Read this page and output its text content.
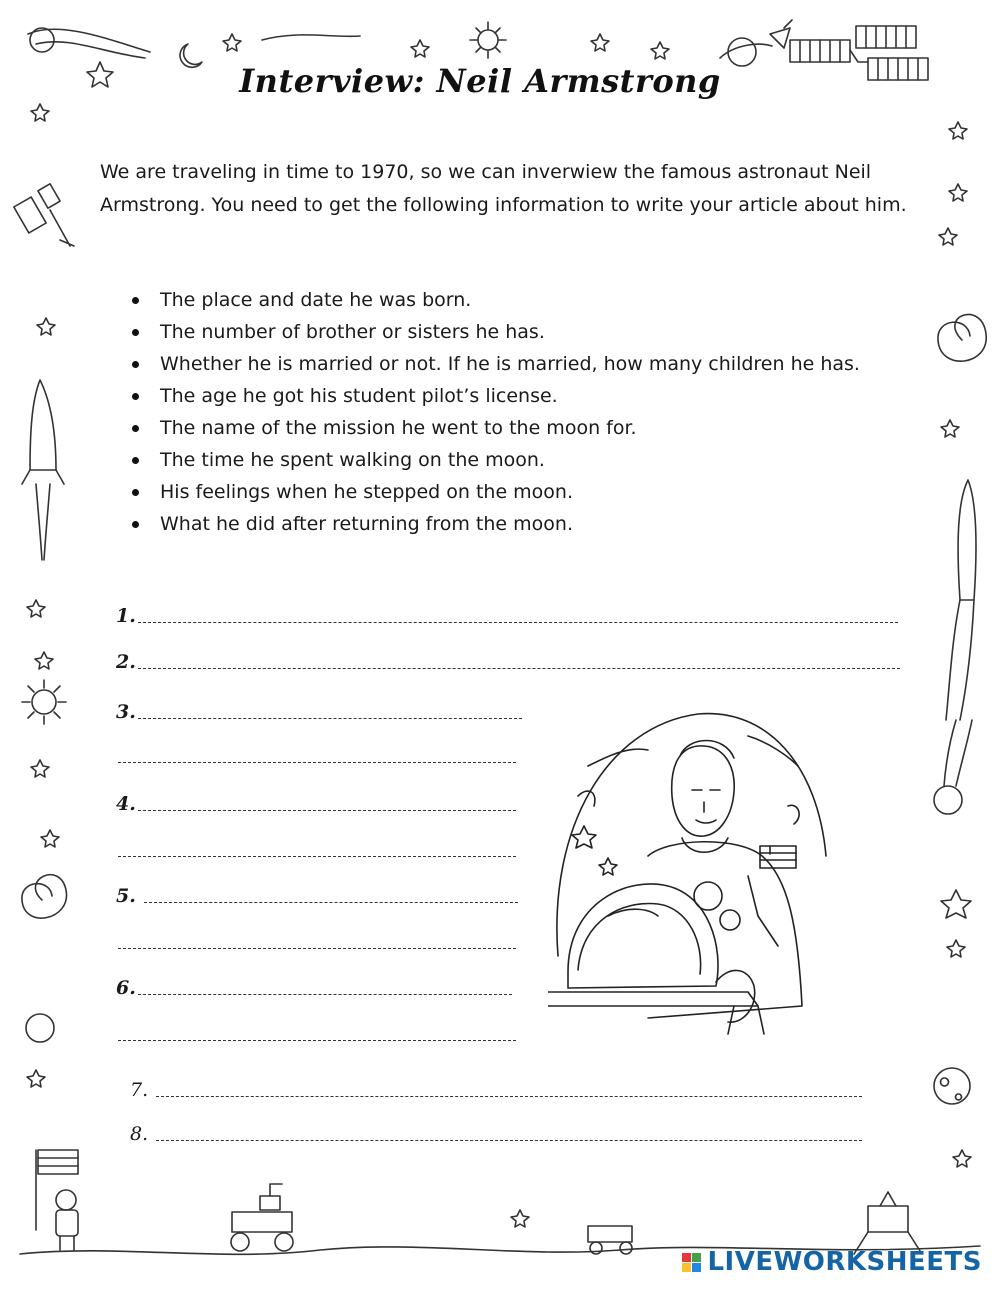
Interview: Neil Armstrong

We are traveling in time to 1970, so we can inverwiew the famous astronaut Neil Armstrong. You need to get the following information to write your article about him.

The place and date he was born.
The number of brother or sisters he has.
Whether he is married or not. If he is married, how many children he has.
The age he got his student pilot’s license.
The name of the mission he went to the moon for.
The time he spent walking on the moon.
His feelings when he stepped on the moon.
What he did after returning from the moon.
1.
2.
3.
4.
5.
6.
7.
8.
LIVEWORKSHEETS
